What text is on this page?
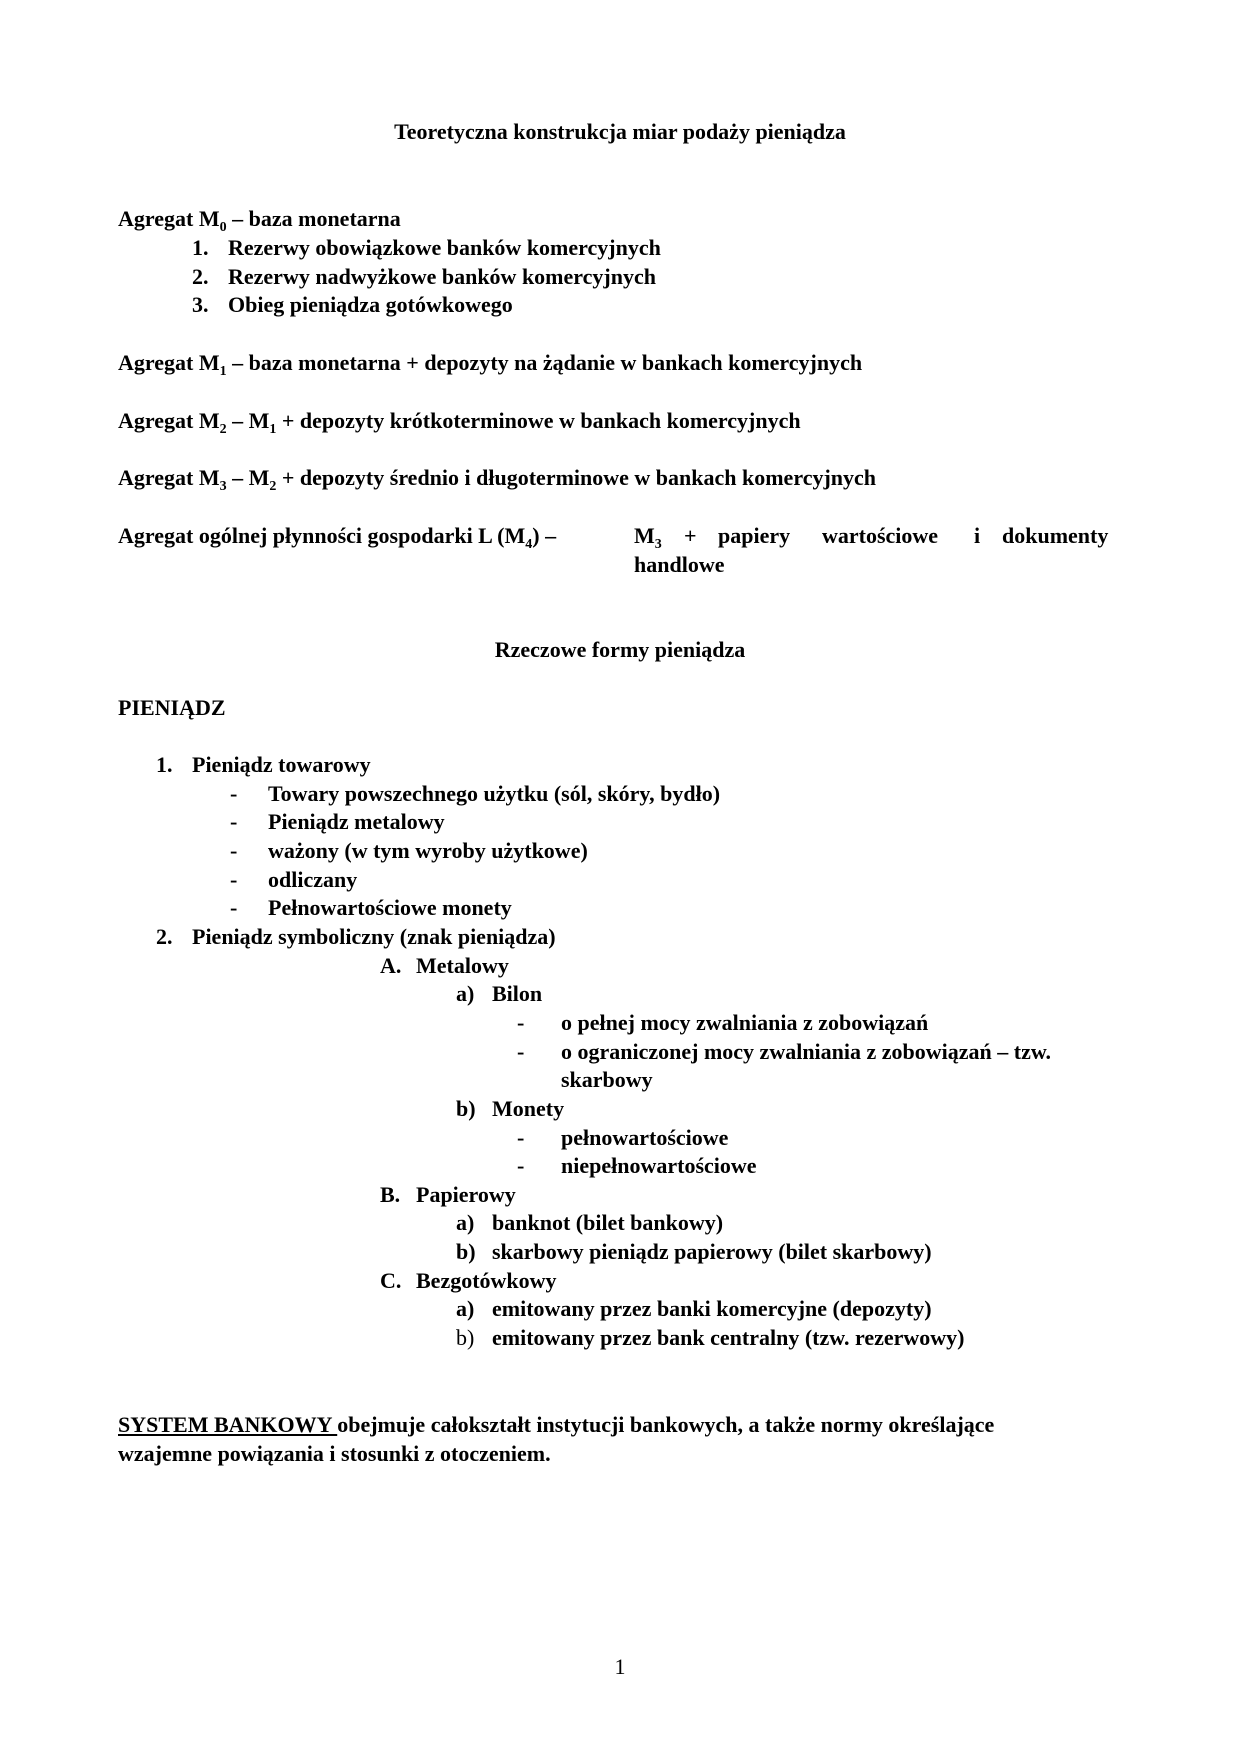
Teoretyczna konstrukcja miar podaży pieniądza
Agregat $M_0$ – baza monetarna
1. Rezerwy obowiązkowe banków komercyjnych
2. Rezerwy nadwyżkowe banków komercyjnych
3. Obieg pieniądza gotówkowego
Agregat $M_1$ – baza monetarna + depozyty na żądanie w bankach komercyjnych
Agregat $M_2 - M_1$ + depozyty krótkoterminowe w bankach komercyjnych
Agregat $M_3 - M_2$ + depozyty średnio i długoterminowe w bankach komercyjnych
Agregat ogólnej płynności gospodarki L $(M_4)$ –	$M_3$ + papiery wartościowe i dokumenty
handlowe
Rzeczowe formy pieniądza
PIENIĄDZ
1. Pieniądz towarowy
- Towary powszechnego użytku (sól, skóry, bydło)
- Pieniądz metalowy
- ważony (w tym wyroby użytkowe)
- odliczany
- Pełnowartościowe monety
2. Pieniądz symboliczny (znak pieniądza)
A. Metalowy
a) Bilon
- o pełnej mocy zwalniania z zobowiązań
- o ograniczonej mocy zwalniania z zobowiązań – tzw.
skarbowy
b) Monety
- pełnowartościowe
- niepełnowartościowe
B. Papierowy
a) banknot (bilet bankowy)
b) skarbowy pieniądz papierowy (bilet skarbowy)
C. Bezgotówkowy
a) emitowany przez banki komercyjne (depozyty)
b) emitowany przez bank centralny (tzw. rezerwowy)
SYSTEM BANKOWY obejmuje całokształt instytucji bankowych, a także normy określające
wzajemne powiązania i stosunki z otoczeniem.
1
